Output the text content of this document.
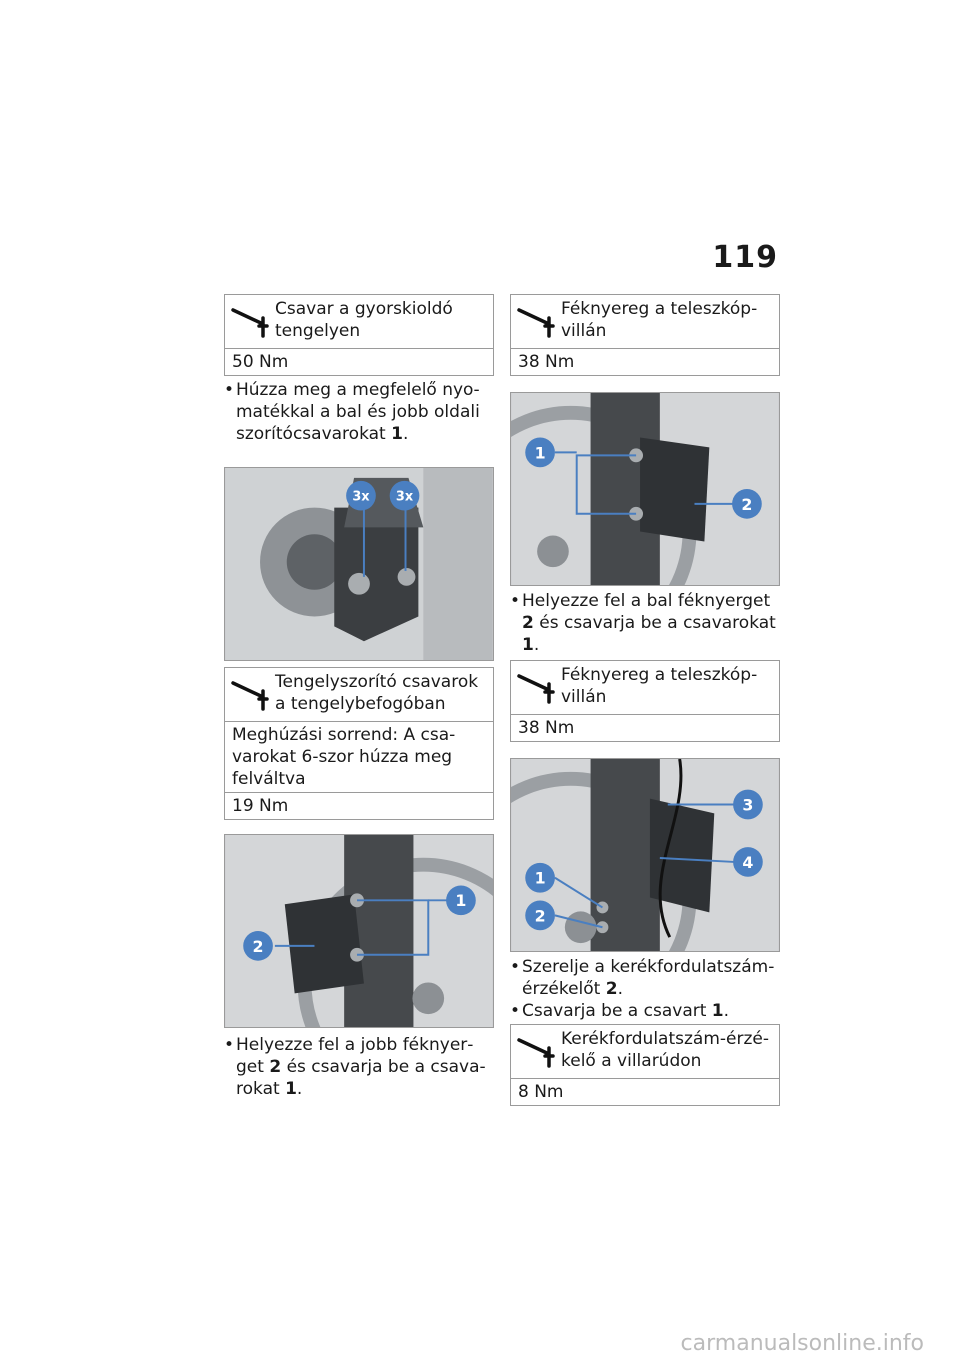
119
Csavar a gyorskioldó tengelyen
50 Nm

• Húzza meg a megfelelő nyomatékkal a bal és jobb oldali szorítócsavarokat 1.

3x 3x
Tengelyszorító csavarok a tengelybefogóban
Meghúzási sorrend: A csavarokat 6-szor húzza meg felváltva
19 Nm
1
2

• Helyezze fel a jobb féknyerget 2 és csavarja be a csavarokat 1.

Féknyereg a teleszkópvillán
38 Nm
1
2

• Helyezze fel a bal féknyerget 2 és csavarja be a csavarokat 1.

Féknyereg a teleszkópvillán
38 Nm
1
2
3
4

• Szerelje a kerékfordulatszámérzékelőt 2.

• Csavarja be a csavart 1.

Kerékfordulatszám-érzékelő a villarúdon
8 Nm
carmanualsonline.info
